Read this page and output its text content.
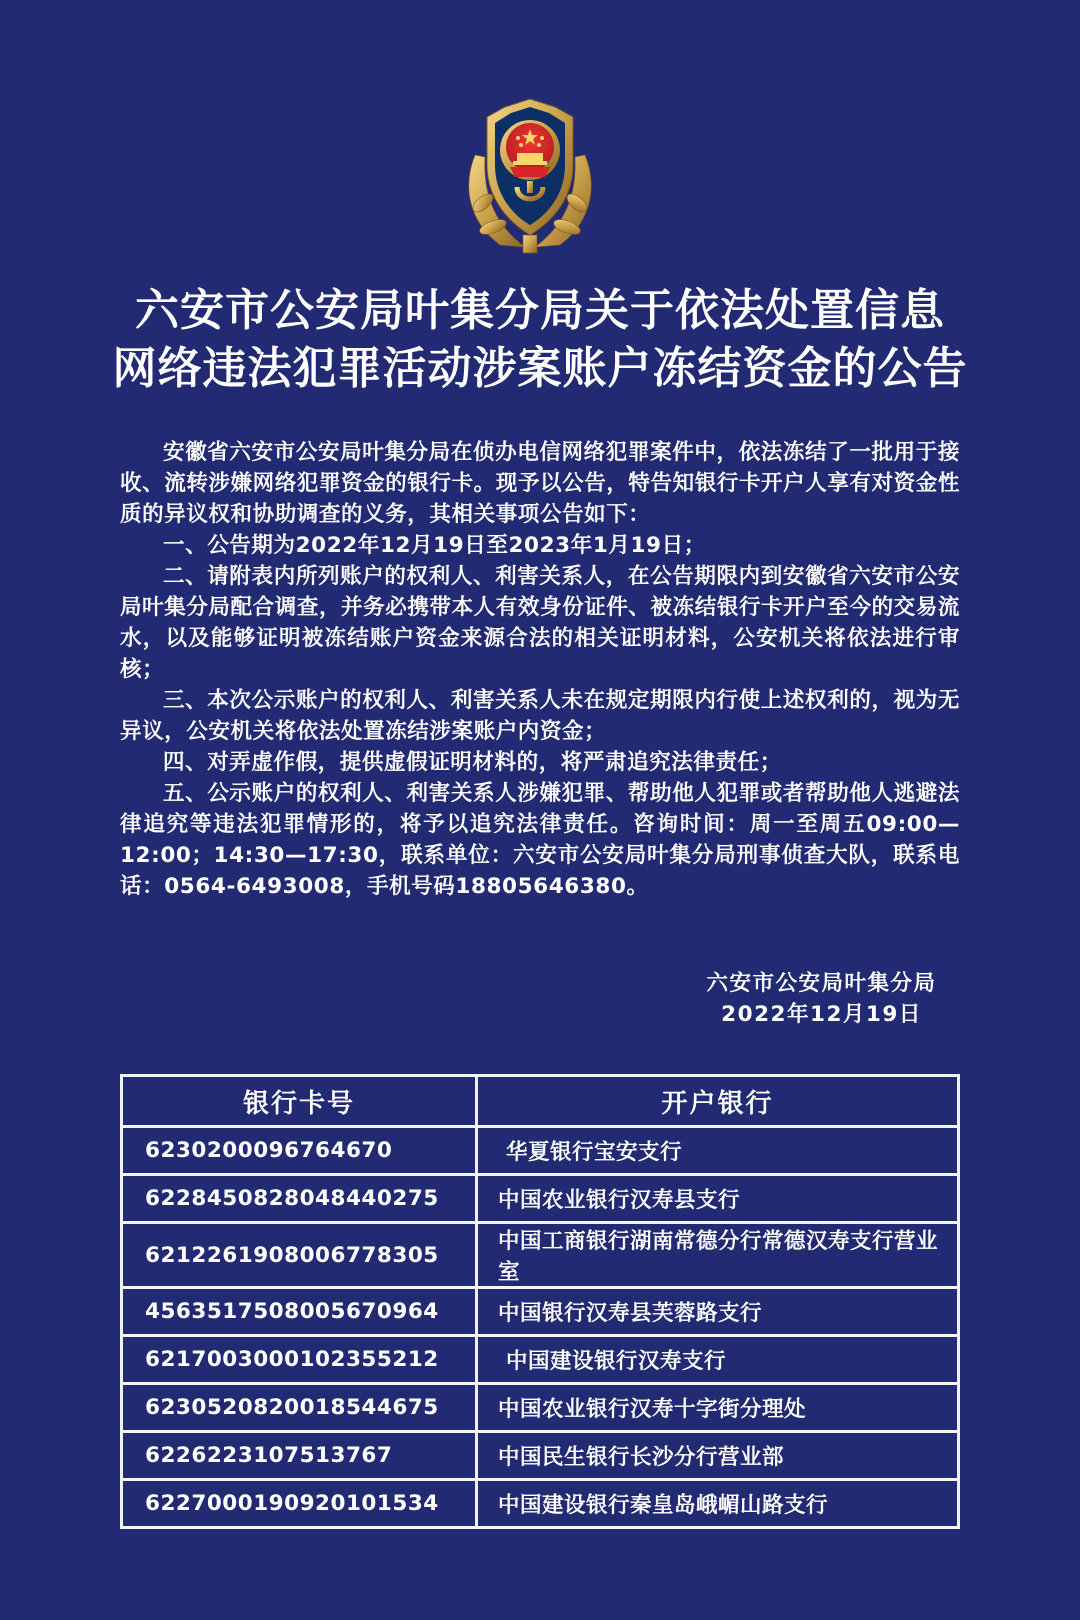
六安市公安局叶集分局关于依法处置信息
网络违法犯罪活动涉案账户冻结资金的公告

安徽省六安市公安局叶集分局在侦办电信网络犯罪案件中，依法冻结了一批用于接收、流转涉嫌网络犯罪资金的银行卡。现予以公告，特告知银行卡开户人享有对资金性质的异议权和协助调查的义务，其相关事项公告如下：

一、公告期为2022年12月19日至2023年1月19日；

二、请附表内所列账户的权利人、利害关系人，在公告期限内到安徽省六安市公安局叶集分局配合调查，并务必携带本人有效身份证件、被冻结银行卡开户至今的交易流水，以及能够证明被冻结账户资金来源合法的相关证明材料，公安机关将依法进行审核；

三、本次公示账户的权利人、利害关系人未在规定期限内行使上述权利的，视为无异议，公安机关将依法处置冻结涉案账户内资金；

四、对弄虚作假，提供虚假证明材料的，将严肃追究法律责任；

五、公示账户的权利人、利害关系人涉嫌犯罪、帮助他人犯罪或者帮助他人逃避法律追究等违法犯罪情形的，将予以追究法律责任。咨询时间：周一至周五09:00—12:00；14:30—17:30，联系单位：六安市公安局叶集分局刑事侦查大队，联系电话：0564-6493008，手机号码18805646380。

六安市公安局叶集分局
2022年12月19日
银行卡号	开户银行
6230200096764670	华夏银行宝安支行
6228450828048440275	中国农业银行汉寿县支行
6212261908006778305	中国工商银行湖南常德分行常德汉寿支行营业室
4563517508005670964	中国银行汉寿县芙蓉路支行
6217003000102355212	中国建设银行汉寿支行
6230520820018544675	中国农业银行汉寿十字街分理处
6226223107513767	中国民生银行长沙分行营业部
6227000190920101534	中国建设银行秦皇岛峨嵋山路支行
